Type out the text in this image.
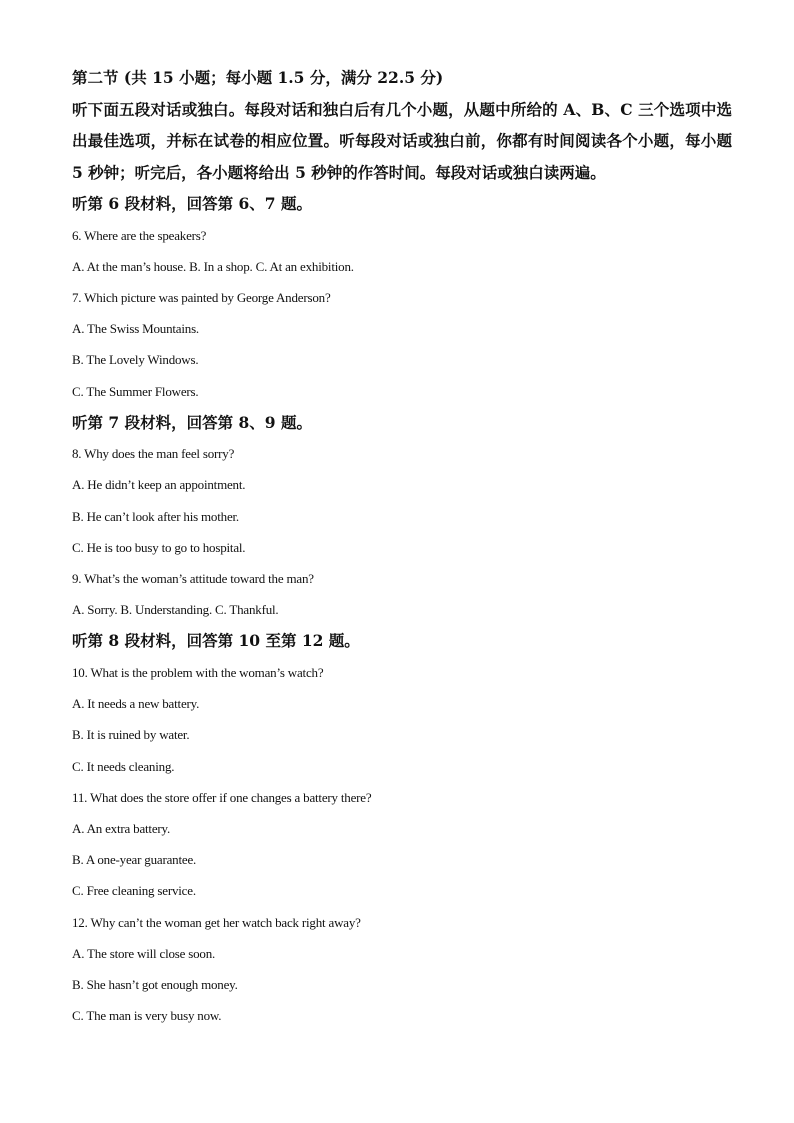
第二节 (共 15 小题；每小题 1.5 分，满分 22.5 分)
听下面五段对话或独白。每段对话和独白后有几个小题，从题中所给的 A、B、C 三个选项中选出最佳选项，并标在试卷的相应位置。听每段对话或独白前，你都有时间阅读各个小题，每小题 5 秒钟；听完后，各小题将给出 5 秒钟的作答时间。每段对话或独白读两遍。
听第 6 段材料，回答第 6、7 题。
6. Where are the speakers?
A. At the man’s house. B. In a shop. C. At an exhibition.
7. Which picture was painted by George Anderson?
A. The Swiss Mountains.
B. The Lovely Windows.
C. The Summer Flowers.
听第 7 段材料，回答第 8、9 题。
8. Why does the man feel sorry?
A. He didn’t keep an appointment.
B. He can’t look after his mother.
C. He is too busy to go to hospital.
9. What’s the woman’s attitude toward the man?
A. Sorry. B. Understanding. C. Thankful.
听第 8 段材料，回答第 10 至第 12 题。
10. What is the problem with the woman’s watch?
A. It needs a new battery.
B. It is ruined by water.
C. It needs cleaning.
11. What does the store offer if one changes a battery there?
A. An extra battery.
B. A one-year guarantee.
C. Free cleaning service.
12. Why can’t the woman get her watch back right away?
A. The store will close soon.
B. She hasn’t got enough money.
C. The man is very busy now.
